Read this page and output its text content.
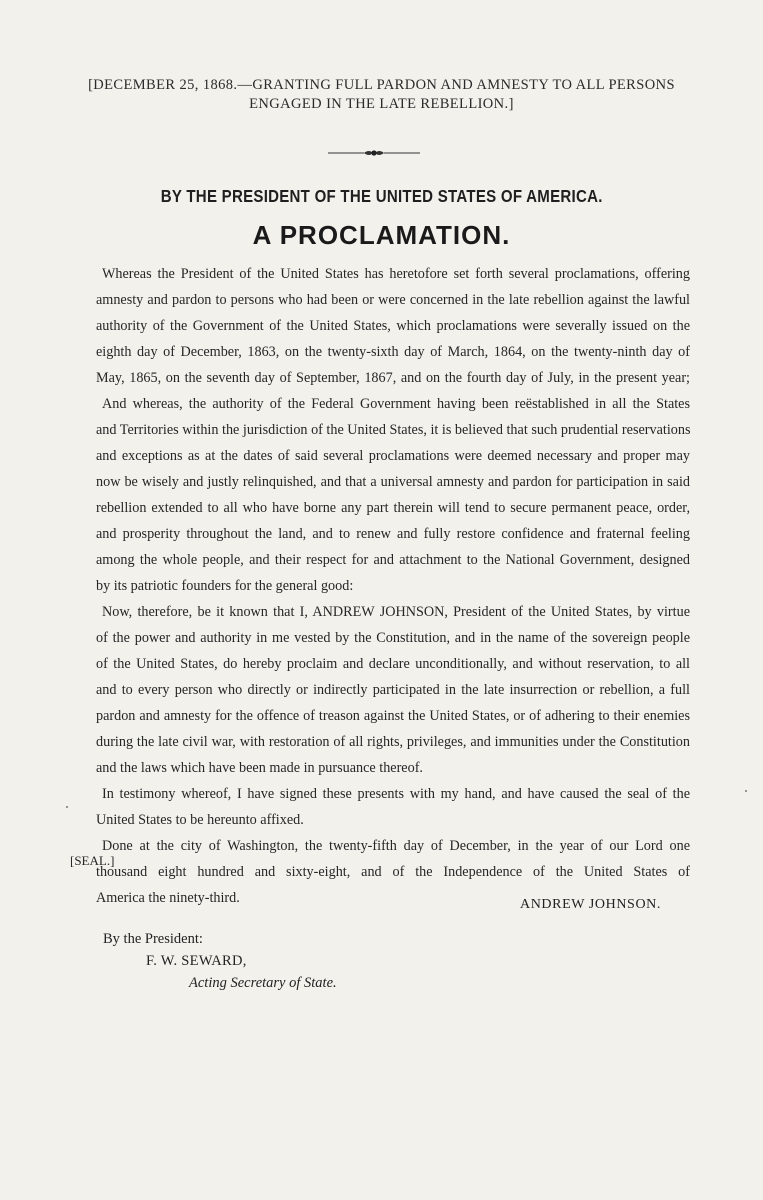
[DECEMBER 25, 1868.—GRANTING FULL PARDON AND AMNESTY TO ALL PERSONS
ENGAGED IN THE LATE REBELLION.]
BY THE PRESIDENT OF THE UNITED STATES OF AMERICA.
A PROCLAMATION.
Whereas the President of the United States has heretofore set forth several proclamations, offering
amnesty and pardon to persons who had been or were concerned in the late rebellion against the lawful
authority of the Government of the United States, which proclamations were severally issued on the
eighth day of December, 1863, on the twenty-sixth day of March, 1864, on the twenty-ninth day of
May, 1865, on the seventh day of September, 1867, and on the fourth day of July, in the present year;
And whereas, the authority of the Federal Government having been reëstablished in all the States
and Territories within the jurisdiction of the United States, it is believed that such prudential reservations
and exceptions as at the dates of said several proclamations were deemed necessary and proper may
now be wisely and justly relinquished, and that a universal amnesty and pardon for participation in said
rebellion extended to all who have borne any part therein will tend to secure permanent peace, order,
and prosperity throughout the land, and to renew and fully restore confidence and fraternal feeling
among the whole people, and their respect for and attachment to the National Government, designed
by its patriotic founders for the general good:
Now, therefore, be it known that I, ANDREW JOHNSON, President of the United States, by virtue
of the power and authority in me vested by the Constitution, and in the name of the sovereign people
of the United States, do hereby proclaim and declare unconditionally, and without reservation, to all
and to every person who directly or indirectly participated in the late insurrection or rebellion, a full
pardon and amnesty for the offence of treason against the United States, or of adhering to their enemies
during the late civil war, with restoration of all rights, privileges, and immunities under the Constitution
and the laws which have been made in pursuance thereof.
In testimony whereof, I have signed these presents with my hand, and have caused the seal of the
United States to be hereunto affixed.
Done at the city of Washington, the twenty-fifth day of December, in the year of our Lord one
thousand eight hundred and sixty-eight, and of the Independence of the United States of
America the ninety-third.
[SEAL.]
ANDREW JOHNSON.
By the President:
F. W. SEWARD,
Acting Secretary of State.
